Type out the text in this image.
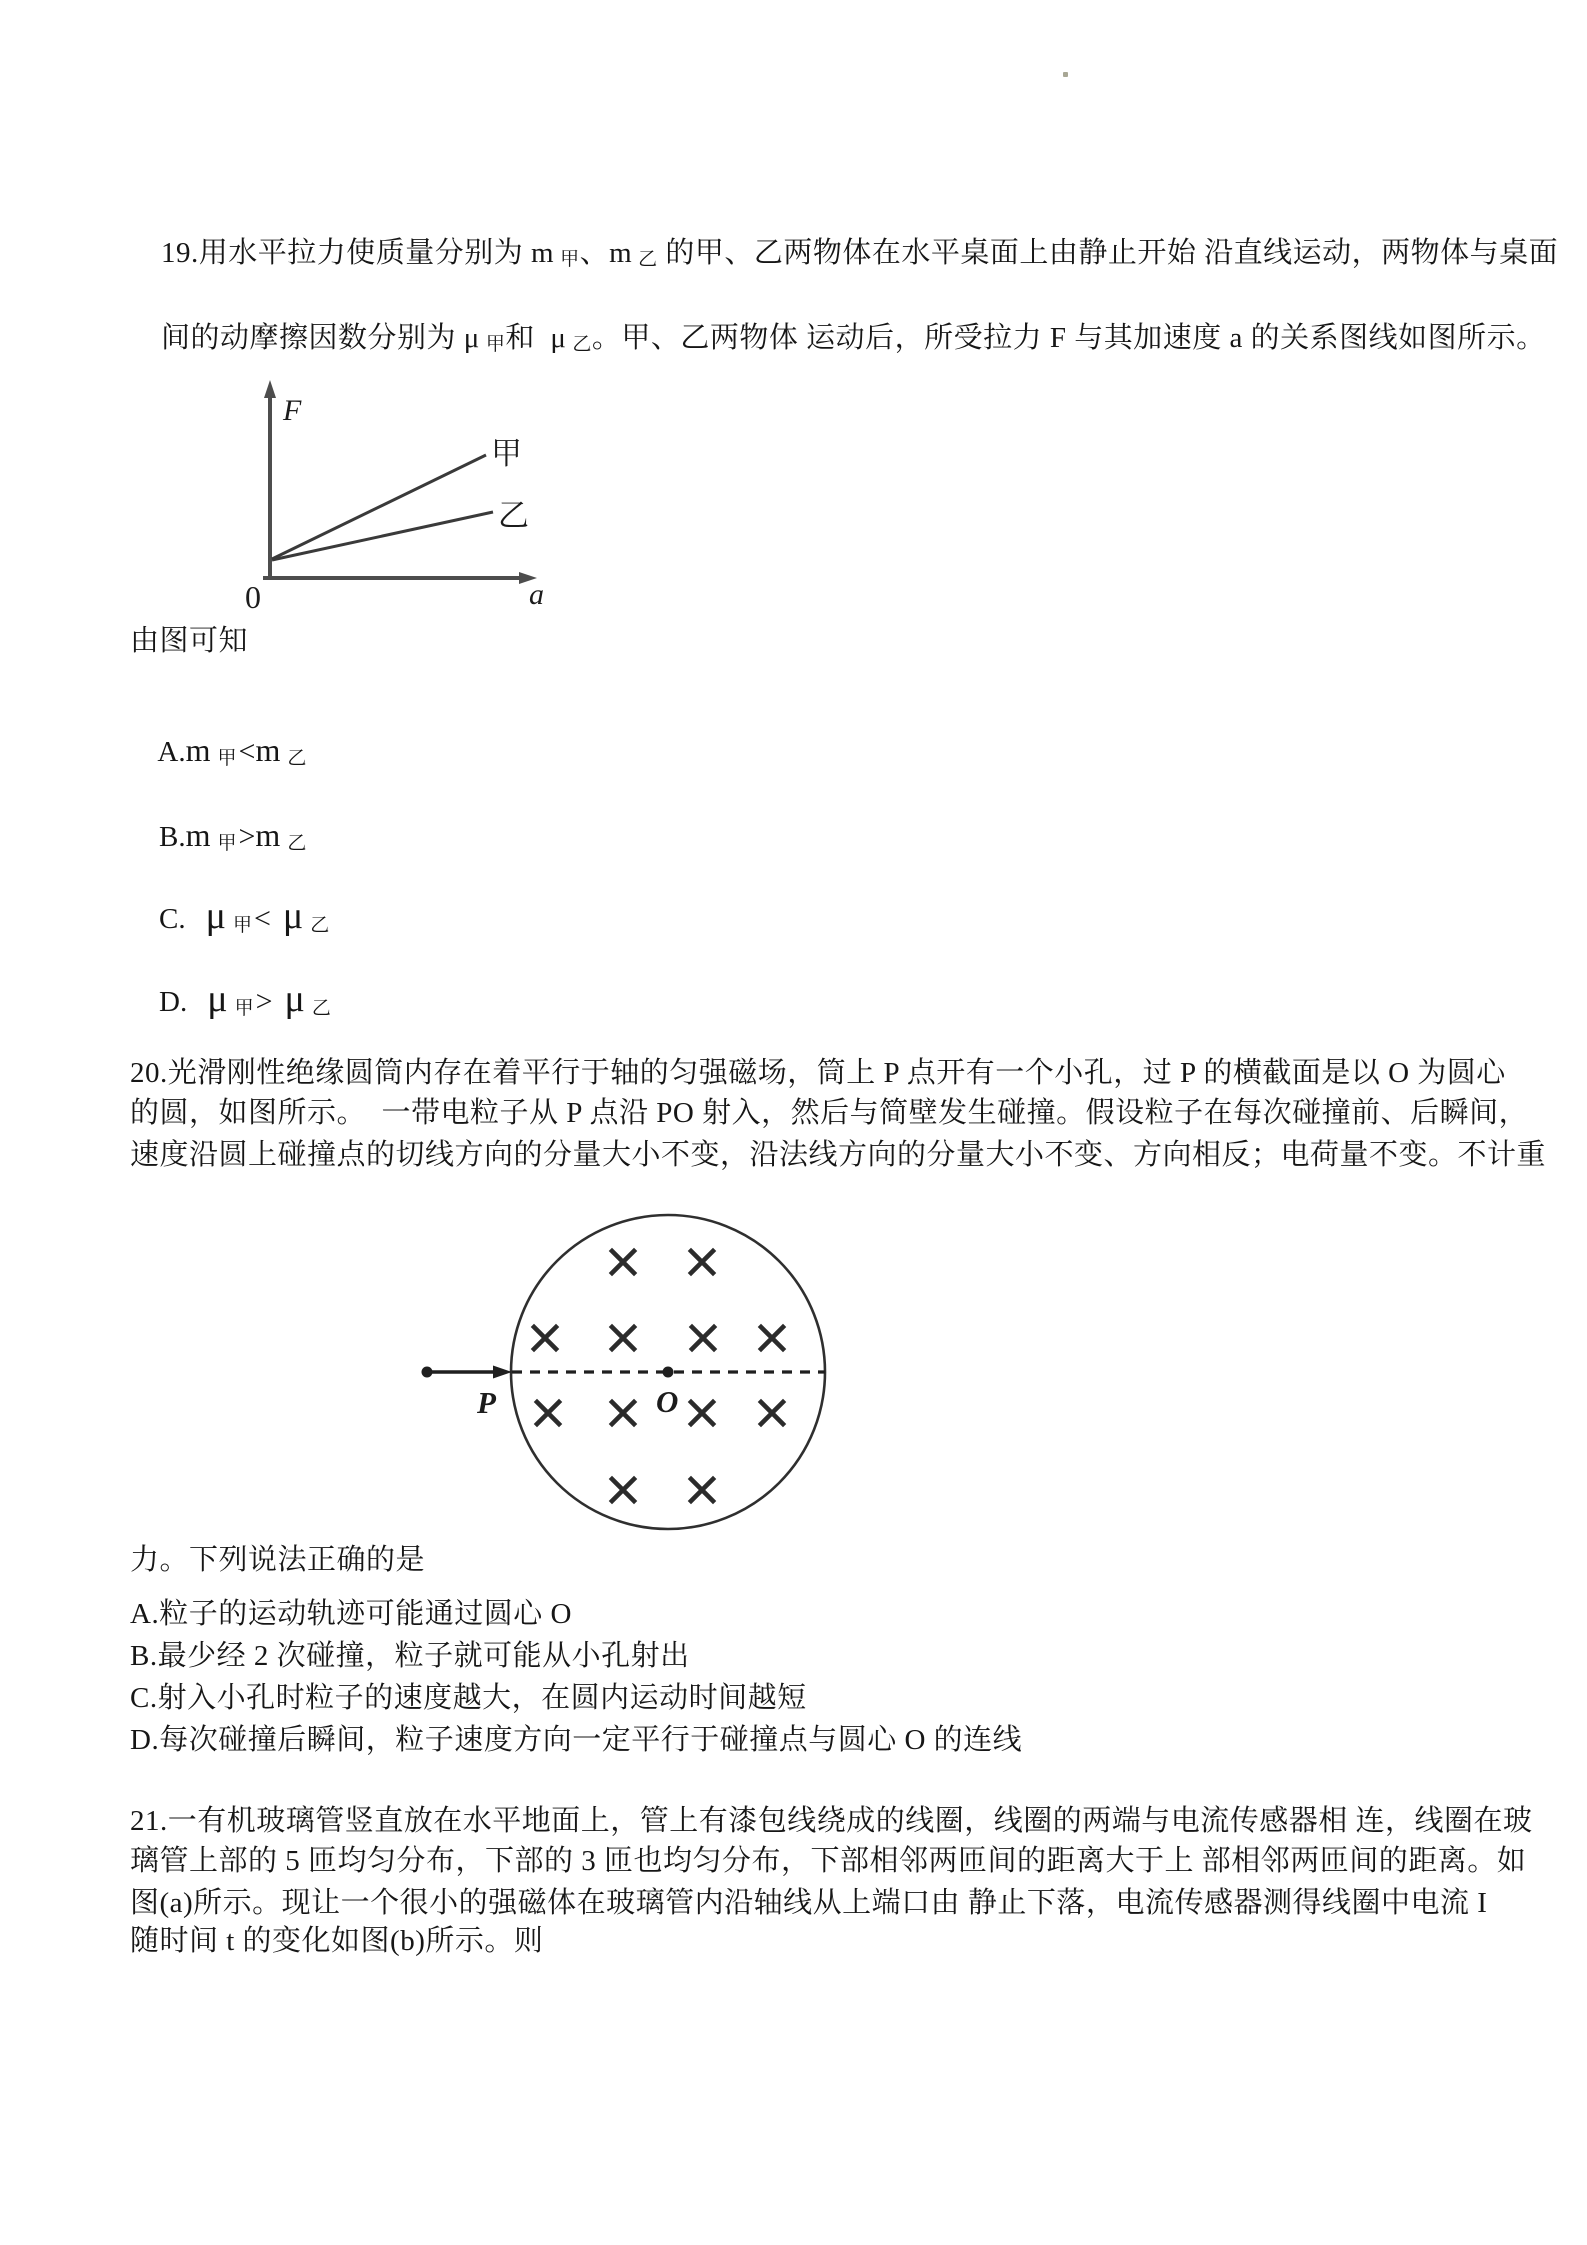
19.用水平拉力使质量分别为 m 甲、m 乙 的甲、乙两物体在水平桌面上由静止开始 沿直线运动，两物体与桌面

间的动摩擦因数分别为 μ 甲和  μ 乙。甲、乙两物体 运动后，所受拉力 F 与其加速度 a 的关系图线如图所示。

F
0	a
甲
乙
由图可知

A.m 甲<m 乙

B.m 甲>m 乙

C. μ 甲< μ 乙

D. μ 甲> μ 乙

20.光滑刚性绝缘圆筒内存在着平行于轴的匀强磁场，筒上 P 点开有一个小孔，过 P 的横截面是以 O 为圆心
的圆，如图所示。  一带电粒子从 P 点沿 PO 射入，然后与简壁发生碰撞。假设粒子在每次碰撞前、后瞬间，
速度沿圆上碰撞点的切线方向的分量大小不变，沿法线方向的分量大小不变、方向相反；电荷量不变。不计重
P	O
力。下列说法正确的是
A.粒子的运动轨迹可能通过圆心 O
B.最少经 2 次碰撞，粒子就可能从小孔射出
C.射入小孔时粒子的速度越大，在圆内运动时间越短
D.每次碰撞后瞬间，粒子速度方向一定平行于碰撞点与圆心 O 的连线
21.一有机玻璃管竖直放在水平地面上，管上有漆包线绕成的线圈，线圈的两端与电流传感器相 连，线圈在玻
璃管上部的 5 匝均匀分布，下部的 3 匝也均匀分布，下部相邻两匝间的距离大于上 部相邻两匝间的距离。如
图(a)所示。现让一个很小的强磁体在玻璃管内沿轴线从上端口由 静止下落，电流传感器测得线圈中电流 I
随时间 t 的变化如图(b)所示。则
